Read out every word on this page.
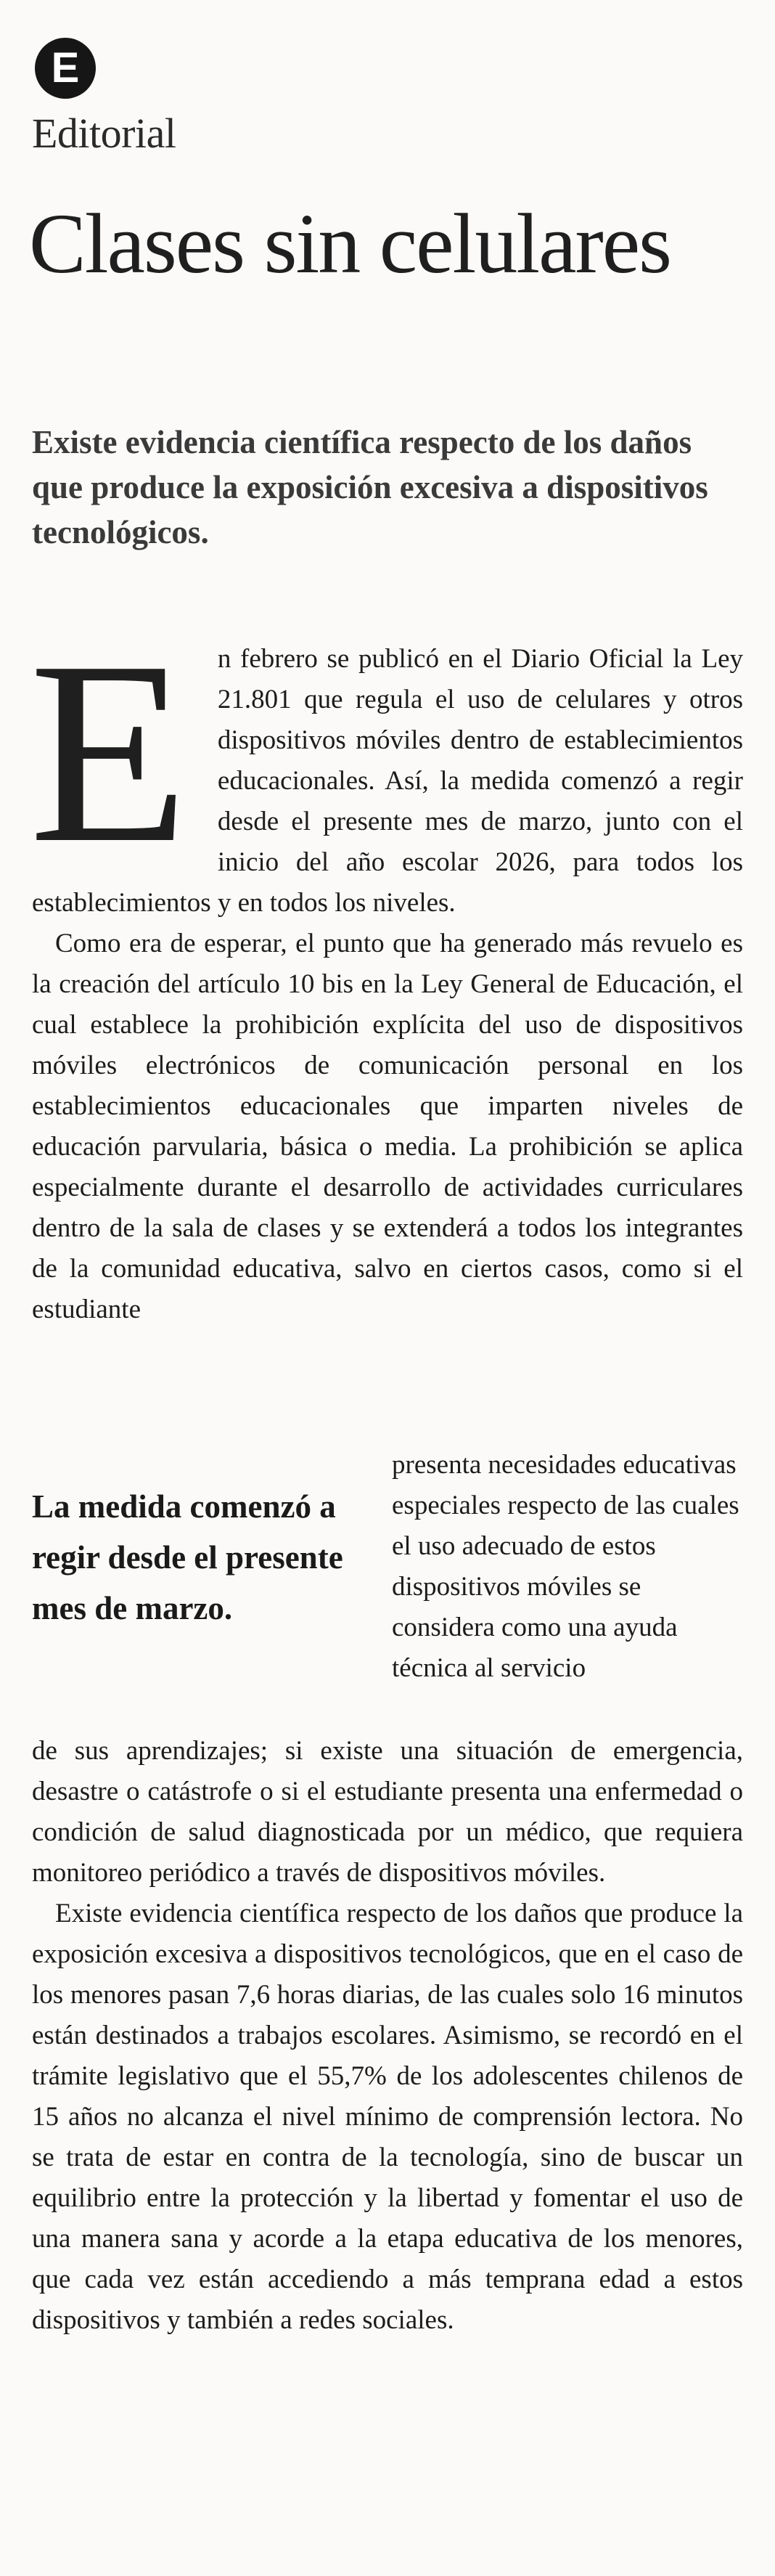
E
Editorial
Clases sin celulares

Existe evidencia científica respecto de los daños que produce la exposición excesiva a dispositivos tecnológicos.

E n febrero se publicó en el Diario Oficial la Ley 21.801 que regula el uso de celulares y otros dispositivos móviles dentro de establecimientos educacionales. Así, la medida comenzó a regir desde el presente mes de marzo, junto con el inicio del año escolar 2026, para todos los establecimientos y en todos los niveles.
Como era de esperar, el punto que ha generado más revuelo es la creación del artículo 10 bis en la Ley General de Educación, el cual establece la prohibición explícita del uso de dispositivos móviles electrónicos de comunicación personal en los establecimientos educacionales que imparten niveles de educación parvularia, básica o media. La prohibición se aplica especialmente durante el desarrollo de actividades curriculares dentro de la sala de clases y se extenderá a todos los integrantes de la comunidad educativa, salvo en ciertos casos, como si el estudiante

La medida comenzó a regir desde el presente mes de marzo.

presenta necesidades educativas especiales respecto de las cuales el uso adecuado de estos dispositivos móviles se considera como una ayuda técnica al servicio

de sus aprendizajes; si existe una situación de emergencia, desastre o catástrofe o si el estudiante presenta una enfermedad o condición de salud diagnosticada por un médico, que requiera monitoreo periódico a través de dispositivos móviles.
Existe evidencia científica respecto de los daños que produce la exposición excesiva a dispositivos tecnológicos, que en el caso de los menores pasan 7,6 horas diarias, de las cuales solo 16 minutos están destinados a trabajos escolares. Asimismo, se recordó en el trámite legislativo que el 55,7% de los adolescentes chilenos de 15 años no alcanza el nivel mínimo de comprensión lectora. No se trata de estar en contra de la tecnología, sino de buscar un equilibrio entre la protección y la libertad y fomentar el uso de una manera sana y acorde a la etapa educativa de los menores, que cada vez están accediendo a más temprana edad a estos dispositivos y también a redes sociales.
